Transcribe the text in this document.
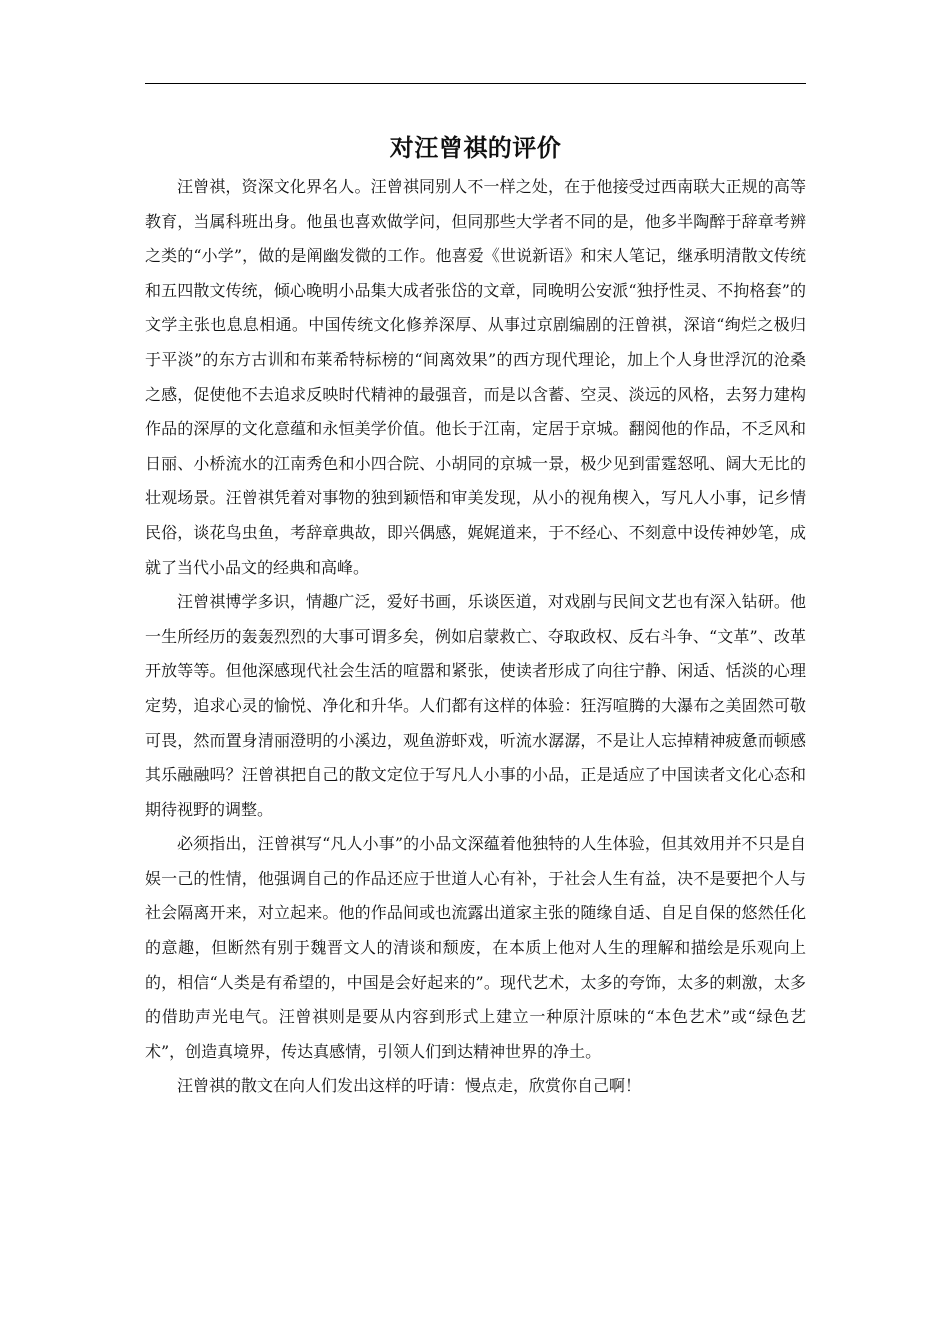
对汪曾祺的评价

汪曾祺，资深文化界名人。汪曾祺同别人不一样之处，在于他接受过西南联大正规的高等教育，当属科班出身。他虽也喜欢做学问，但同那些大学者不同的是，他多半陶醉于辞章考辨之类的“小学”，做的是阐幽发微的工作。他喜爱《世说新语》和宋人笔记，继承明清散文传统和五四散文传统，倾心晚明小品集大成者张岱的文章，同晚明公安派“独抒性灵、不拘格套”的文学主张也息息相通。中国传统文化修养深厚、从事过京剧编剧的汪曾祺，深谙“绚烂之极归于平淡”的东方古训和布莱希特标榜的“间离效果”的西方现代理论，加上个人身世浮沉的沧桑之感，促使他不去追求反映时代精神的最强音，而是以含蓄、空灵、淡远的风格，去努力建构作品的深厚的文化意蕴和永恒美学价值。他长于江南，定居于京城。翻阅他的作品，不乏风和日丽、小桥流水的江南秀色和小四合院、小胡同的京城一景，极少见到雷霆怒吼、阔大无比的壮观场景。汪曾祺凭着对事物的独到颖悟和审美发现，从小的视角楔入，写凡人小事，记乡情民俗，谈花鸟虫鱼，考辞章典故，即兴偶感，娓娓道来，于不经心、不刻意中设传神妙笔，成就了当代小品文的经典和高峰。

汪曾祺博学多识，情趣广泛，爱好书画，乐谈医道，对戏剧与民间文艺也有深入钻研。他一生所经历的轰轰烈烈的大事可谓多矣，例如启蒙救亡、夺取政权、反右斗争、“文革”、改革开放等等。但他深感现代社会生活的喧嚣和紧张，使读者形成了向往宁静、闲适、恬淡的心理定势，追求心灵的愉悦、净化和升华。人们都有这样的体验：狂泻喧腾的大瀑布之美固然可敬可畏，然而置身清丽澄明的小溪边，观鱼游虾戏，听流水潺潺，不是让人忘掉精神疲惫而顿感其乐融融吗？汪曾祺把自己的散文定位于写凡人小事的小品，正是适应了中国读者文化心态和期待视野的调整。

必须指出，汪曾祺写“凡人小事”的小品文深蕴着他独特的人生体验，但其效用并不只是自娱一己的性情，他强调自己的作品还应于世道人心有补，于社会人生有益，决不是要把个人与社会隔离开来，对立起来。他的作品间或也流露出道家主张的随缘自适、自足自保的悠然任化的意趣，但断然有别于魏晋文人的清谈和颓废，在本质上他对人生的理解和描绘是乐观向上的，相信“人类是有希望的，中国是会好起来的”。现代艺术，太多的夸饰，太多的刺激，太多的借助声光电气。汪曾祺则是要从内容到形式上建立一种原汁原味的“本色艺术”或“绿色艺术”，创造真境界，传达真感情，引领人们到达精神世界的净土。

汪曾祺的散文在向人们发出这样的吁请：慢点走，欣赏你自己啊！
